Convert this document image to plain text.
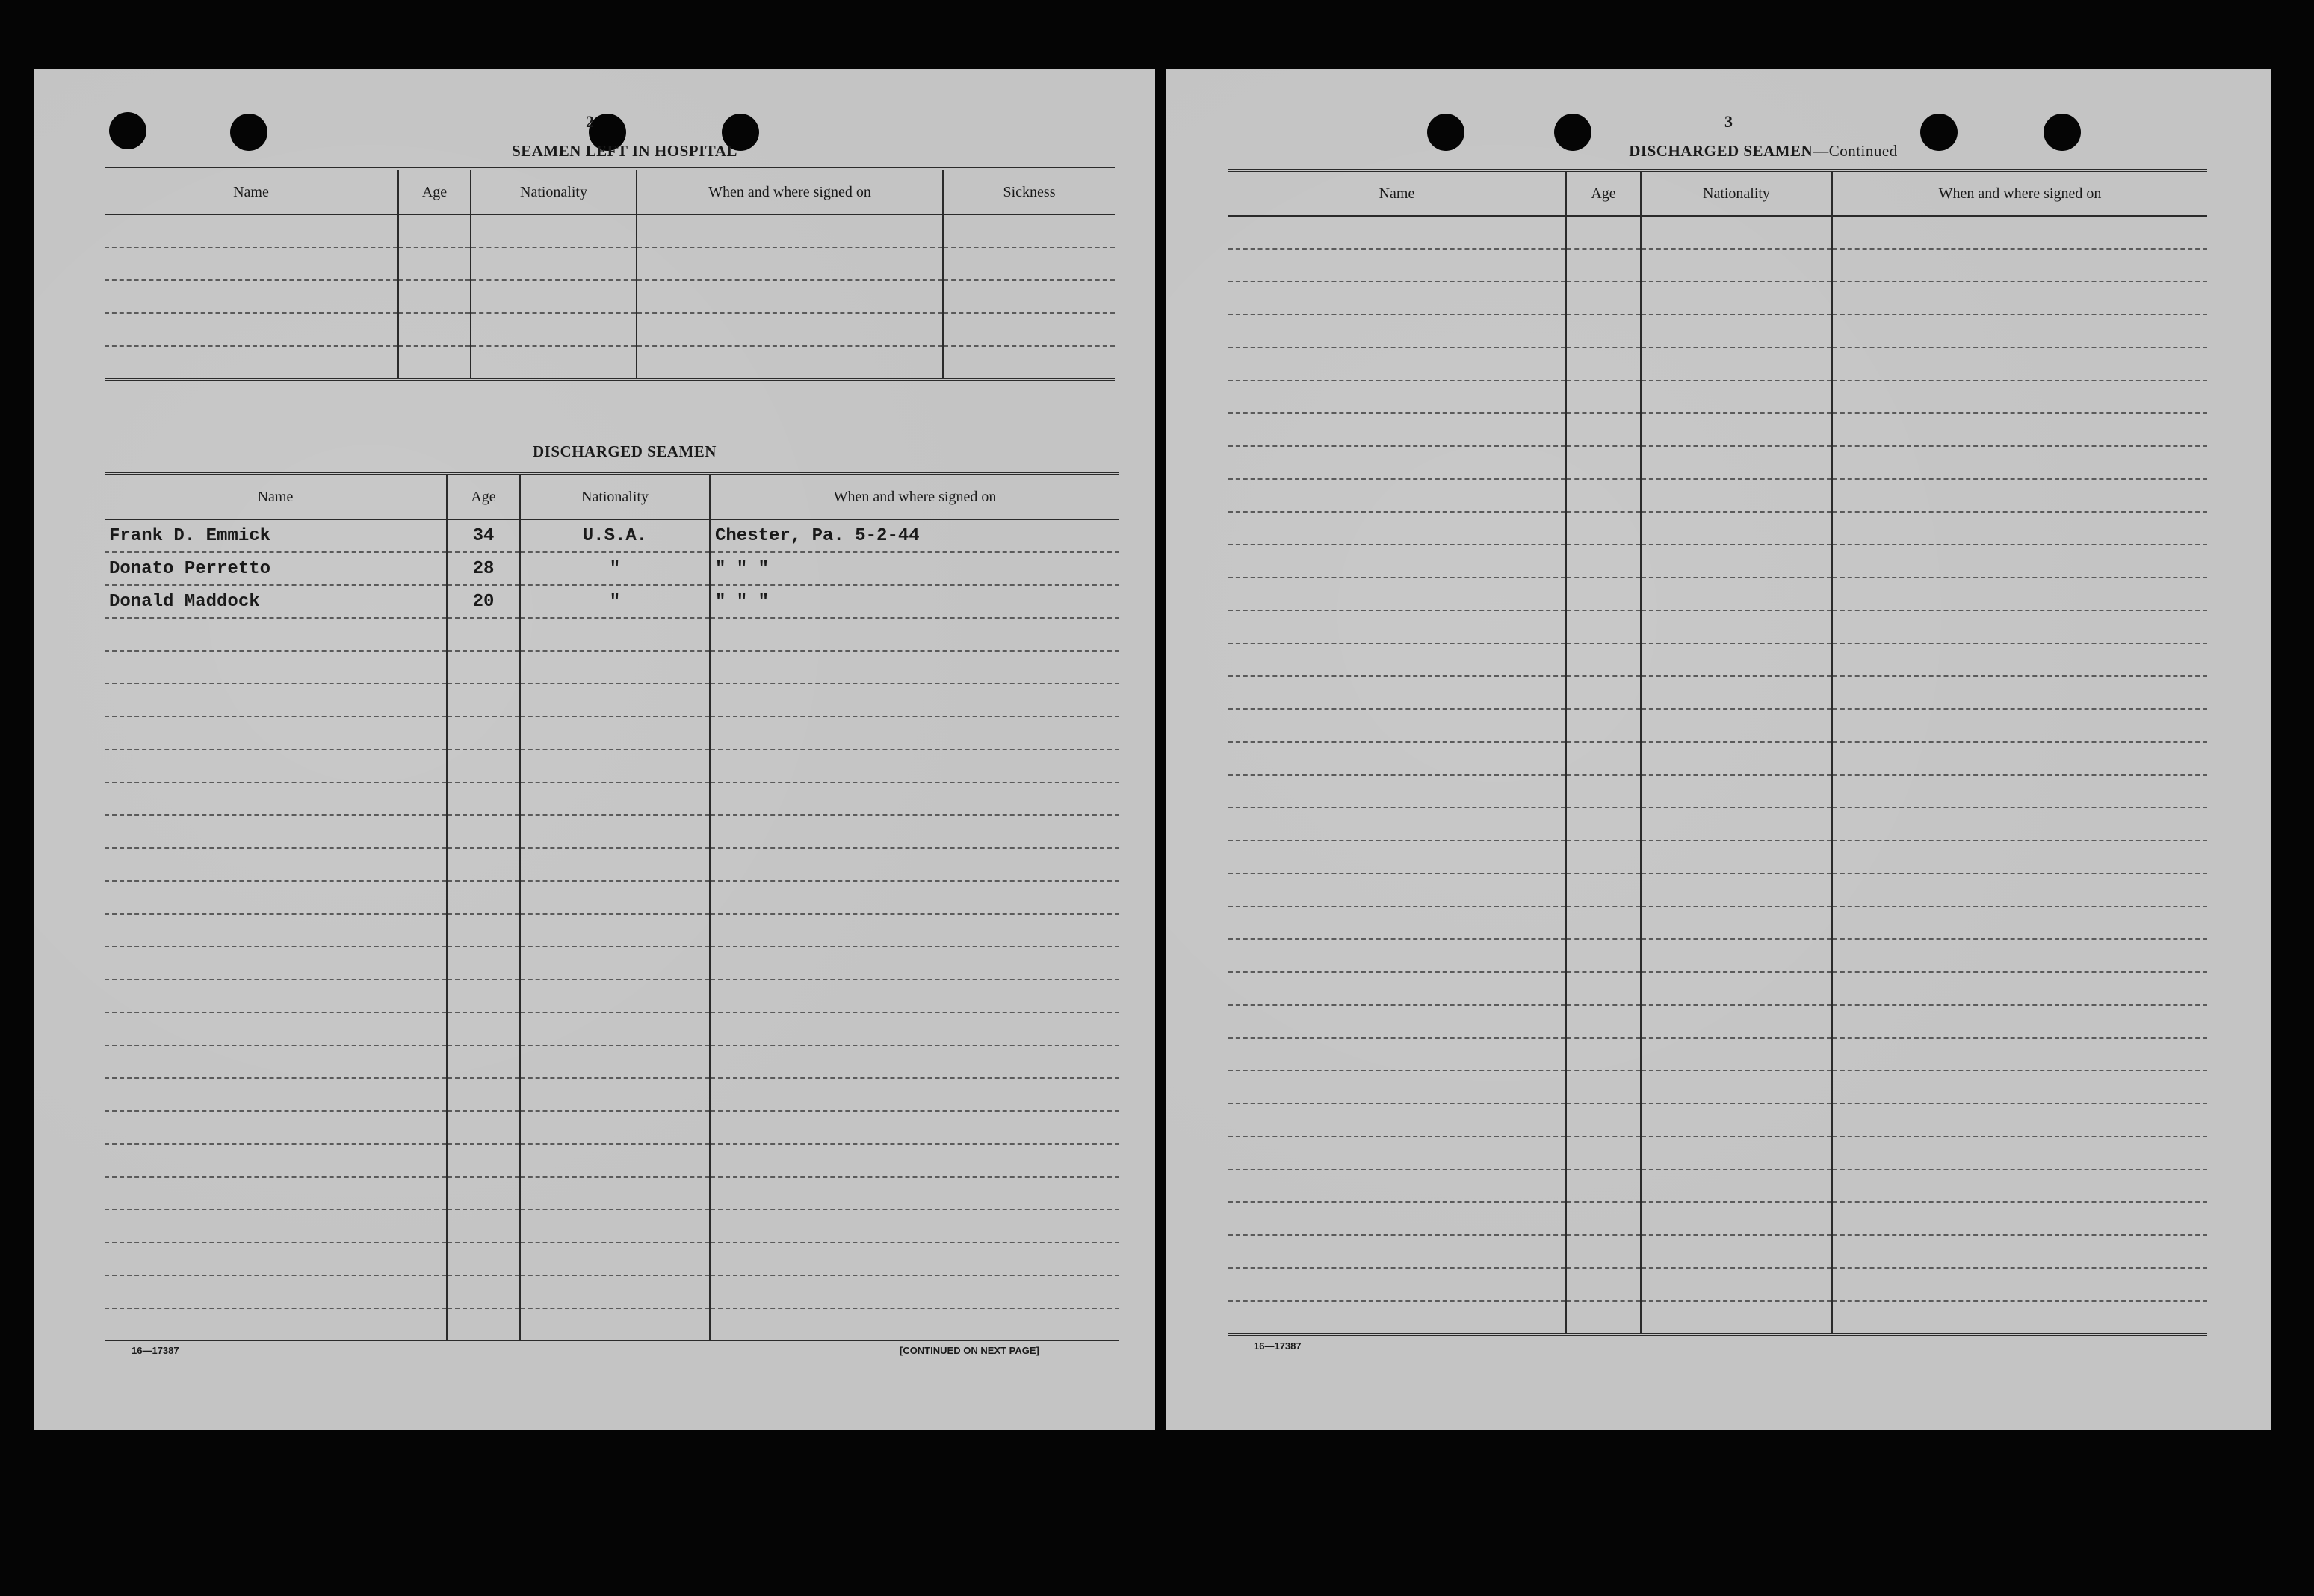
2
SEAMEN LEFT IN HOSPITAL
Name	Age	Nationality	When and where signed on	Sickness

DISCHARGED SEAMEN
Name	Age	Nationality	When and where signed on
Frank D. Emmick	34	U.S.A.	Chester, Pa. 5-2-44
Donato Perretto	28	"	" " "
Donald Maddock	20	"	" " "

16—17387	[CONTINUED ON NEXT PAGE]
3
DISCHARGED SEAMEN—Continued
Name	Age	Nationality	When and where signed on

16—17387
